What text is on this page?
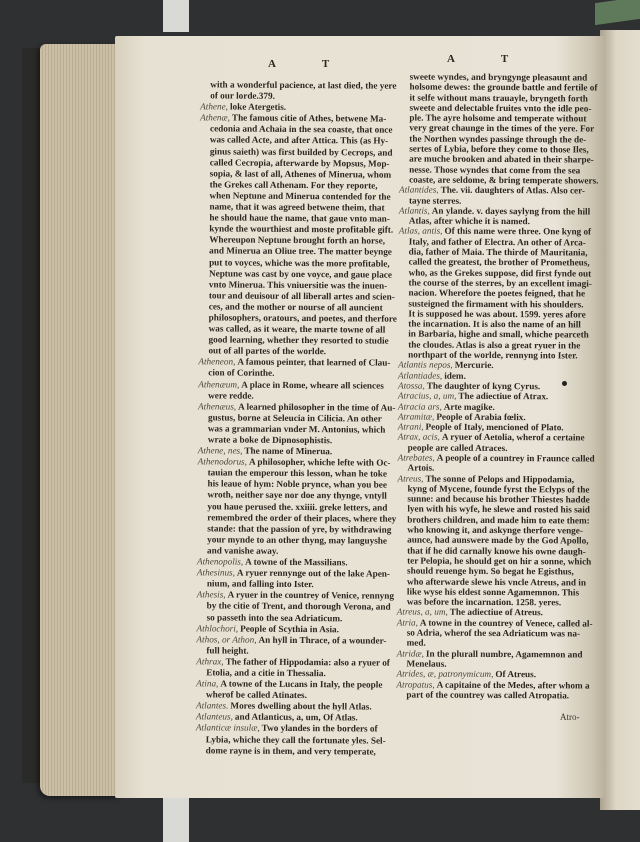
A T	A T
with a wonderful pacience, at last died, the yere
of our lorde.379.
Athene, loke Atergetis.
Athenæ, The famous citie of Athes, betwene Ma-
cedonia and Achaia in the sea coaste, that once
was called Acte, and after Attica. This (as Hy-
ginus saieth) was first builded by Cecrops, and
called Cecropia, afterwarde by Mopsus, Mop-
sopia, & last of all, Athenes of Minerua, whom
the Grekes call Athenam. For they reporte,
when Neptune and Minerua contended for the
name, that it was agreed betwene theim, that
he should haue the name, that gaue vnto man-
kynde the wourthiest and moste profitable gift.
Whereupon Neptune brought forth an horse,
and Minerua an Oliue tree. The matter beynge
put to voyces, whiche was the more profitable,
Neptune was cast by one voyce, and gaue place
vnto Minerua. This vniuersitie was the inuen-
tour and deuisour of all liberall artes and scien-
ces, and the mother or nourse of all auncient
philosophers, oratours, and poetes, and therfore
was called, as it weare, the marte towne of all
good learning, whether they resorted to studie
out of all partes of the worlde.
Atheneon, A famous peinter, that learned of Clau-
cion of Corinthe.
Athenæum, A place in Rome, wheare all sciences
were redde.
Athenæus, A learned philosopher in the time of Au-
gustus, borne at Seleucia in Cilicia. An other
was a grammarian vnder M. Antonius, which
wrate a boke de Dipnosophistis.
Athene, nes, The name of Minerua.
Athenodorus, A philosopher, whiche lefte with Oc-
tauian the emperour this lesson, whan he toke
his leaue of hym: Noble prynce, whan you bee
wroth, neither saye nor doe any thynge, vntyll
you haue perused the. xxiiii. greke letters, and
remembred the order of their places, where they
stande: that the passion of yre, by withdrawing
your mynde to an other thyng, may languyshe
and vanishe away.
Athenopolis, A towne of the Massilians.
Athesinus, A ryuer rennynge out of the lake Apen-
nium, and falling into Ister.
Athesis, A ryuer in the countrey of Venice, rennyng
by the citie of Trent, and thorough Verona, and
so passeth into the sea Adriaticum.
Athlochori, People of Scythia in Asia.
Athos, or Athon, An hyll in Thrace, of a wounder-
full height.
Athrax, The father of Hippodamia: also a ryuer of
Etolia, and a citie in Thessalia.
Atina, A towne of the Lucans in Italy, the people
wherof be called Atinates.
Atlantes. Mores dwelling about the hyll Atlas.
Atlanteus, and Atlanticus, a, um, Of Atlas.
Atlanticæ insulæ, Two ylandes in the borders of
Lybia, whiche they call the fortunate yles. Sel-
dome rayne is in them, and very temperate,
sweete wyndes, and bryngynge pleasaunt and
holsome dewes: the grounde battle and fertile of
it selfe without mans trauayle, bryngeth forth
sweete and delectable fruites vnto the idle peo-
ple. The ayre holsome and temperate without
very great chaunge in the times of the yere. For
the Northen wyndes passinge through the de-
sertes of Lybia, before they come to those Iles,
are muche brooken and abated in their sharpe-
nesse. Those wyndes that come from the sea
coaste, are seldome, & bring temperate showers.
Atlantides, The. vii. daughters of Atlas. Also cer-
tayne sterres.
Atlantis, An ylande. v. dayes saylyng from the hill
Atlas, after whiche it is named.
Atlas, antis, Of this name were three. One kyng of
Italy, and father of Electra. An other of Arca-
dia, father of Maia. The thirde of Mauritania,
called the greatest, the brother of Prometheus,
who, as the Grekes suppose, did first fynde out
the course of the sterres, by an excellent imagi-
nacion. Wherefore the poetes feigned, that he
susteigned the firmament with his shoulders.
It is supposed he was about. 1599. yeres afore
the incarnation. It is also the name of an hill
in Barbaria, highe and small, whiche pearceth
the cloudes. Atlas is also a great ryuer in the
northpart of the worlde, rennyng into Ister.
Atlantis nepos, Mercurie.
Atlantiades, idem.
Atossa, The daughter of kyng Cyrus.
Atracius, a, um, The adiectiue of Atrax.
Atracia ars, Arte magike.
Atramitæ, People of Arabia fœlix.
Atrani, People of Italy, mencioned of Plato.
Atrax, acis, A ryuer of Aetolia, wherof a certaine
people are called Atraces.
Atrebates, A people of a countrey in Fraunce called
Artois.
Atreus, The sonne of Pelops and Hippodamia,
kyng of Mycene, founde fyrst the Eclyps of the
sunne: and because his brother Thiestes hadde
lyen with his wyfe, he slewe and rosted his said
brothers children, and made him to eate them:
who knowing it, and askynge therfore venge-
aunce, had aunswere made by the God Apollo,
that if he did carnally knowe his owne daugh-
ter Pelopia, he should get on hir a sonne, which
should reuenge hym. So begat he Egisthus,
who afterwarde slewe his vncle Atreus, and in
like wyse his eldest sonne Agamemnon. This
was before the incarnation. 1258. yeres.
Atreus, a, um, The adiectiue of Atreus.
Atria, A towne in the countrey of Venece, called al-
so Adria, wherof the sea Adriaticum was na-
med.
Atridæ, In the plurall numbre, Agamemnon and
Menelaus.
Atrides, æ, patronymicum, Of Atreus.
Atropatus, A capitaine of the Medes, after whom a
part of the countrey was called Atropatia.
Atro-
